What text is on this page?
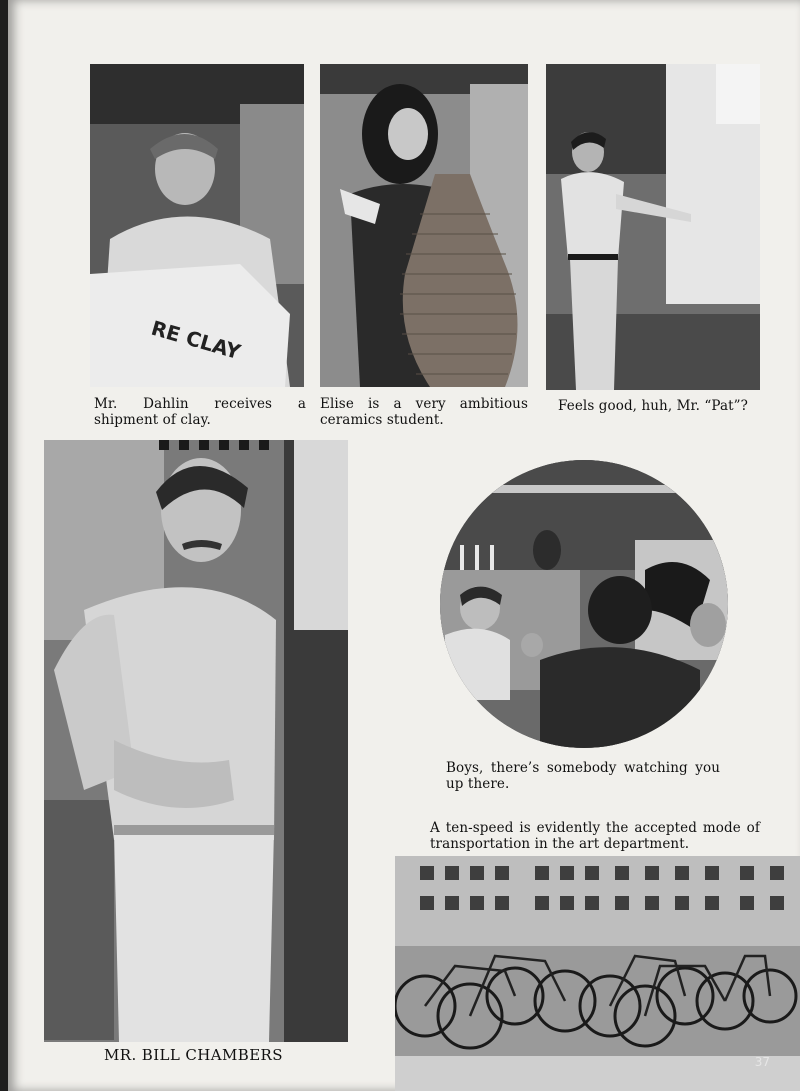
RE CLAY
Mr. Dahlin receives a shipment of clay.
Elise is a very ambitious ceramics student.
Feels good, huh, Mr. “Pat”?
MR. BILL CHAMBERS
Boys, there’s somebody watching you up there.
A ten-speed is evidently the accepted mode of transportation in the art department.
37
